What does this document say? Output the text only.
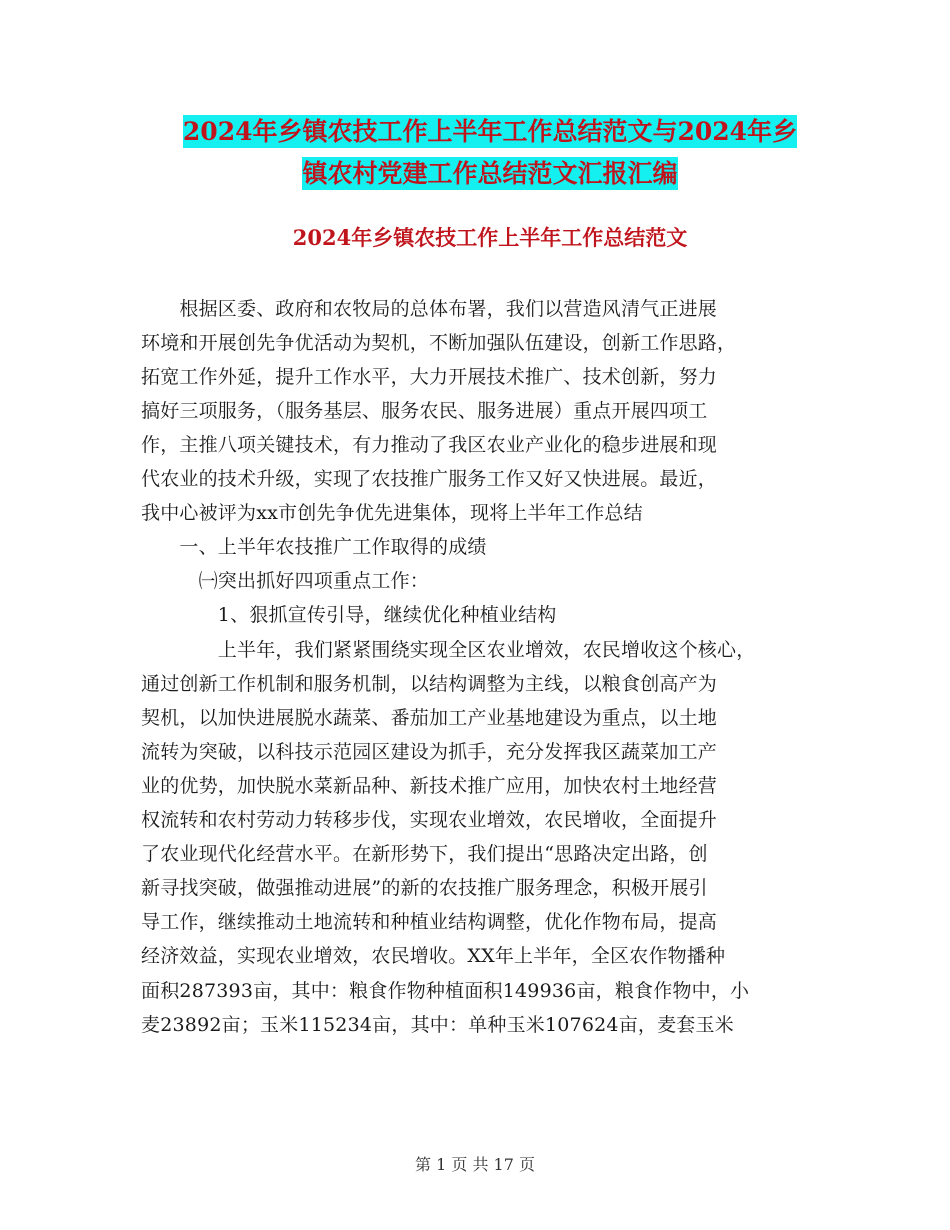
2024年乡镇农技工作上半年工作总结范文与2024年乡
镇农村党建工作总结范文汇报汇编
2024年乡镇农技工作上半年工作总结范文

　　根据区委、政府和农牧局的总体布署，我们以营造风清气正进展

环境和开展创先争优活动为契机，不断加强队伍建设，创新工作思路，

拓宽工作外延，提升工作水平，大力开展技术推广、技术创新，努力

搞好三项服务，（服务基层、服务农民、服务进展）重点开展四项工

作，主推八项关键技术，有力推动了我区农业产业化的稳步进展和现

代农业的技术升级，实现了农技推广服务工作又好又快进展。最近，

我中心被评为xx市创先争优先进集体，现将上半年工作总结

　　一、上半年农技推广工作取得的成绩

　　　㈠突出抓好四项重点工作：

　　　　1、狠抓宣传引导，继续优化种植业结构

　　　　上半年，我们紧紧围绕实现全区农业增效，农民增收这个核心，

通过创新工作机制和服务机制，以结构调整为主线，以粮食创高产为

契机，以加快进展脱水蔬菜、番茄加工产业基地建设为重点，以土地

流转为突破，以科技示范园区建设为抓手，充分发挥我区蔬菜加工产

业的优势，加快脱水菜新品种、新技术推广应用，加快农村土地经营

权流转和农村劳动力转移步伐，实现农业增效，农民增收，全面提升

了农业现代化经营水平。在新形势下，我们提出“思路决定出路，创

新寻找突破，做强推动进展”的新的农技推广服务理念，积极开展引

导工作，继续推动土地流转和种植业结构调整，优化作物布局，提高

经济效益，实现农业增效，农民增收。XX年上半年，全区农作物播种

面积287393亩，其中：粮食作物种植面积149936亩，粮食作物中，小

麦23892亩；玉米115234亩，其中：单种玉米107624亩，麦套玉米

第 1 页 共 17 页
